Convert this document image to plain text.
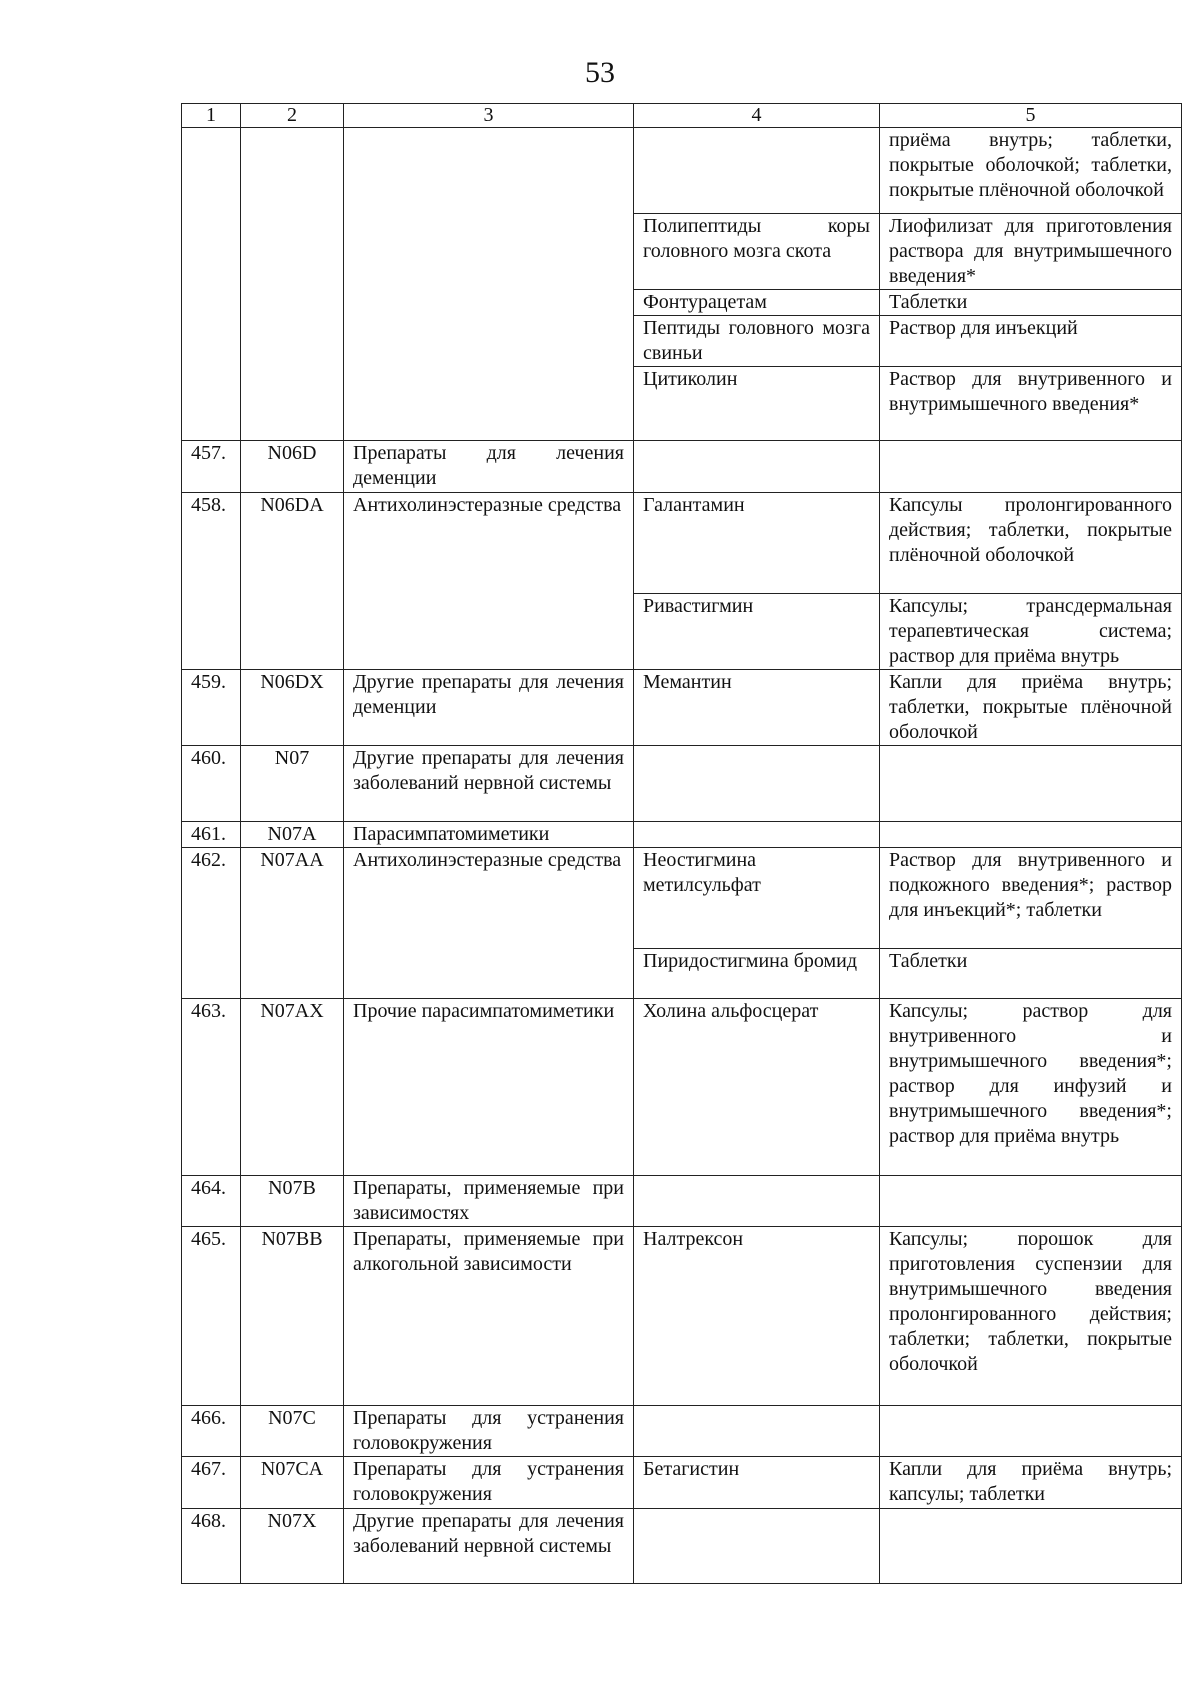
53
1	2	3	4	5
				приёма внутрь; таблетки, покрытые оболочкой; таблетки, покрытые плёночной оболочкой
			Полипептиды коры головного мозга скота	Лиофилизат для приготовления раствора для внутримышечного введения*
			Фонтурацетам	Таблетки
			Пептиды головного мозга свиньи	Раствор для инъекций
			Цитиколин	Раствор для внутривенного и внутримышечного введения*
457.	N06D	Препараты для лечения деменции		
458.	N06DA	Антихолинэстеразные средства	Галантамин	Капсулы пролонгированного действия; таблетки, покрытые плёночной оболочкой
			Ривастигмин	Капсулы; трансдермальная терапевтическая система; раствор для приёма внутрь
459.	N06DX	Другие препараты для лечения деменции	Мемантин	Капли для приёма внутрь; таблетки, покрытые плёночной оболочкой
460.	N07	Другие препараты для лечения заболеваний нервной системы		
461.	N07A	Парасимпатомиметики		
462.	N07AA	Антихолинэстеразные средства	Неостигмина метилсульфат	Раствор для внутривенного и подкожного введения*; раствор для инъекций*; таблетки
			Пиридостигмина бромид	Таблетки
463.	N07AX	Прочие парасимпатомиметики	Холина альфосцерат	Капсулы; раствор для внутривенного и внутримышечного введения*; раствор для инфузий и внутримышечного введения*; раствор для приёма внутрь
464.	N07B	Препараты, применяемые при зависимостях		
465.	N07BB	Препараты, применяемые при алкогольной зависимости	Налтрексон	Капсулы; порошок для приготовления суспензии для внутримышечного введения пролонгированного действия; таблетки; таблетки, покрытые оболочкой
466.	N07C	Препараты для устранения головокружения		
467.	N07CA	Препараты для устранения головокружения	Бетагистин	Капли для приёма внутрь; капсулы; таблетки
468.	N07X	Другие препараты для лечения заболеваний нервной системы		
